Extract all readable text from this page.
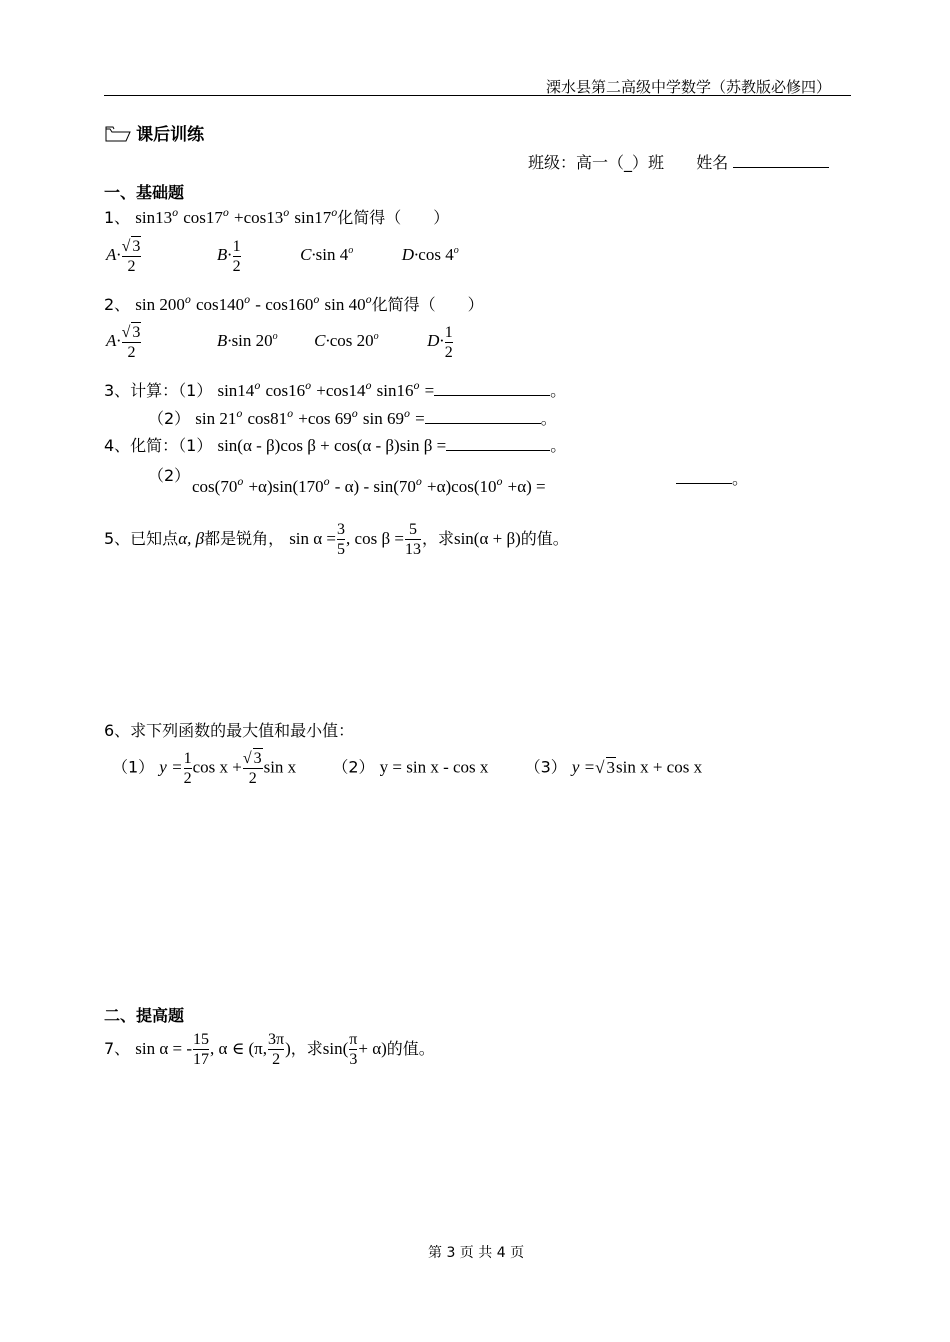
溧水县第二高级中学数学（苏教版必修四）
课后训练
班级：高一（_）班 姓名
一、基础题
1、 sin13$^o$ $\cos 17^o +\cos 13^o$ sin17$^o$化简得（　　）
$A\cdot \frac{√ 3}{2}$	$B\cdot \frac{1}{2}$	C·sin 4$^o$	D·cos 4$^o$
2、 sin 200$^o$ cos140$^o$ - cos160$^o$ sin 40$^o$化简得（　　）
$A\cdot \frac{√ 3}{2}$	B·sin 20$^o$ C·cos 20$^o$	$D\cdot \frac{1}{2}$
3、计算：（1） sin14$^o$ $\cos 16^o +\cos 14^o$ $\sin 16^o$ =	。
（2） sin 21$^o$ $\cos 81^o +\cos$ 69$^o$ $\sin 69^o$ =	。
4、化简：（1） sin(α - β)cos β + cos(α - β)sin β =	。
（2）
$\cos(70^o +\alpha)\sin(170^o - \alpha) - \sin(70^o +\alpha)\cos(10^o +\alpha)$ =	。
5、已知点α, β都是锐角， $\sin \alpha = \frac{3}{5}$ , $\cos \beta = \frac{5}{13}$ ，求sin(α + β)的值。
6、求下列函数的最大值和最小值：
（1） $y = \frac{1}{2}$ $\cos x + \frac{√ 3}{2}$ sin x （2） y = sin x - cos x （3） y =√ 3sin x + cos x
二、提高题
7、 sin α = - $\frac{15}{17}$ , α ∈ (π, $\frac{3\pi}{2}$ )，求$\sin( \frac{\pi}{3} + \alpha)$的值。
第 3 页 共 4 页
